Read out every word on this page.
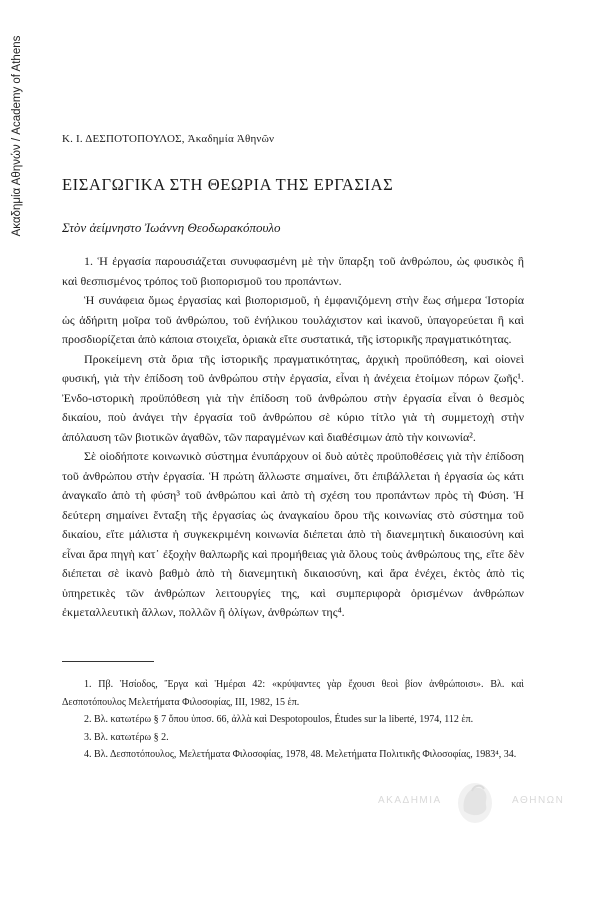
Ακαδημία Αθηνών / Academy of Athens	Κ. Ι. ΔΕΣΠΟΤΟΠΟΥΛΟΣ, Ἀκαδημία Ἀθηνῶν
ΕΙΣΑΓΩΓΙΚΑ ΣΤΗ ΘΕΩΡΙΑ ΤΗΣ ΕΡΓΑΣΙΑΣ
Στὸν ἀείμνηστο Ἰωάννη Θεοδωρακόπουλο

1. Ἡ ἐργασία παρουσιάζεται συνυφασμένη μὲ τὴν ὕπαρξη τοῦ ἀνθρώπου, ὡς φυσικὸς ἢ καὶ θεσπισμένος τρόπος τοῦ βιοπορισμοῦ του προπάντων.

Ἡ συνάφεια ὅμως ἐργασίας καὶ βιοπορισμοῦ, ἡ ἐμφανιζόμενη στὴν ἕως σήμερα Ἱστορία ὡς ἀδήριτη μοῖρα τοῦ ἀνθρώπου, τοῦ ἐνήλικου τουλάχιστον καὶ ἱκανοῦ, ὑπαγορεύεται ἢ καὶ προσδιορίζεται ἀπὸ κάποια στοιχεῖα, ὁριακὰ εἴτε συστατικά, τῆς ἱστορικῆς πραγματικότητας.

Προκείμενη στὰ ὅρια τῆς ἱστορικῆς πραγματικότητας, ἀρχικὴ προϋπόθεση, καὶ οἱονεὶ φυσική, γιὰ τὴν ἐπίδοση τοῦ ἀνθρώπου στὴν ἐργασία, εἶναι ἡ ἀνέχεια ἑτοίμων πόρων ζωῆς¹. Ἐνδο-ιστορικὴ προϋπόθεση γιὰ τὴν ἐπίδοση τοῦ ἀνθρώπου στὴν ἐργασία εἶναι ὁ θεσμὸς δικαίου, ποὺ ἀνάγει τὴν ἐργασία τοῦ ἀνθρώπου σὲ κύριο τίτλο γιὰ τὴ συμμετοχὴ στὴν ἀπόλαυση τῶν βιοτικῶν ἀγαθῶν, τῶν παραγμένων καὶ διαθέσιμων ἀπὸ τὴν κοινωνία².

Σὲ οἱοδήποτε κοινωνικὸ σύστημα ἐνυπάρχουν οἱ δυὸ αὐτὲς προϋποθέσεις γιὰ τὴν ἐπίδοση τοῦ ἀνθρώπου στὴν ἐργασία. Ἡ πρώτη ἄλλωστε σημαίνει, ὅτι ἐπιβάλλεται ἡ ἐργασία ὡς κάτι ἀναγκαῖο ἀπὸ τὴ φύση³ τοῦ ἀνθρώπου καὶ ἀπὸ τὴ σχέση του προπάντων πρὸς τὴ Φύση. Ἡ δεύτερη σημαίνει ἔνταξη τῆς ἐργασίας ὡς ἀναγκαίου ὅρου τῆς κοινωνίας στὸ σύστημα τοῦ δικαίου, εἴτε μάλιστα ἡ συγκεκριμένη κοινωνία διέπεται ἀπὸ τὴ διανεμητικὴ δικαιοσύνη καὶ εἶναι ἄρα πηγὴ κατ᾿ ἐξοχὴν θαλπωρῆς καὶ προμήθειας γιὰ ὅλους τοὺς ἀνθρώπους της, εἴτε δὲν διέπεται σὲ ἱκανὸ βαθμὸ ἀπὸ τὴ διανεμητικὴ δικαιοσύνη, καὶ ἄρα ἐνέχει, ἐκτὸς ἀπὸ τὶς ὑπηρετικὲς τῶν ἀνθρώπων λειτουργίες της, καὶ συμπεριφορὰ ὁρισμένων ἀνθρώπων ἐκμεταλλευτικὴ ἄλλων, πολλῶν ἢ ὀλίγων, ἀνθρώπων της⁴.

1. Πβ. Ἡσίοδος, Ἔργα καὶ Ἡμέραι 42: «κρύψαντες γὰρ ἔχουσι θεοὶ βίον ἀνθρώποισι». Βλ. καὶ Δεσποτόπουλος Μελετήματα Φιλοσοφίας, ΙΙΙ, 1982, 15 ἑπ.

2. Βλ. κατωτέρω § 7 ὅπου ὑποσ. 66, ἀλλὰ καὶ Despotopoulos, Études sur la liberté, 1974, 112 ἑπ.

3. Βλ. κατωτέρω § 2.

4. Βλ. Δεσποτόπουλος, Μελετήματα Φιλοσοφίας, 1978, 48. Μελετήματα Πολιτικῆς Φιλοσοφίας, 1983⁴, 34.

ΑΚΑΔΗΜΙΑ	ΑΘΗΝΩΝ
